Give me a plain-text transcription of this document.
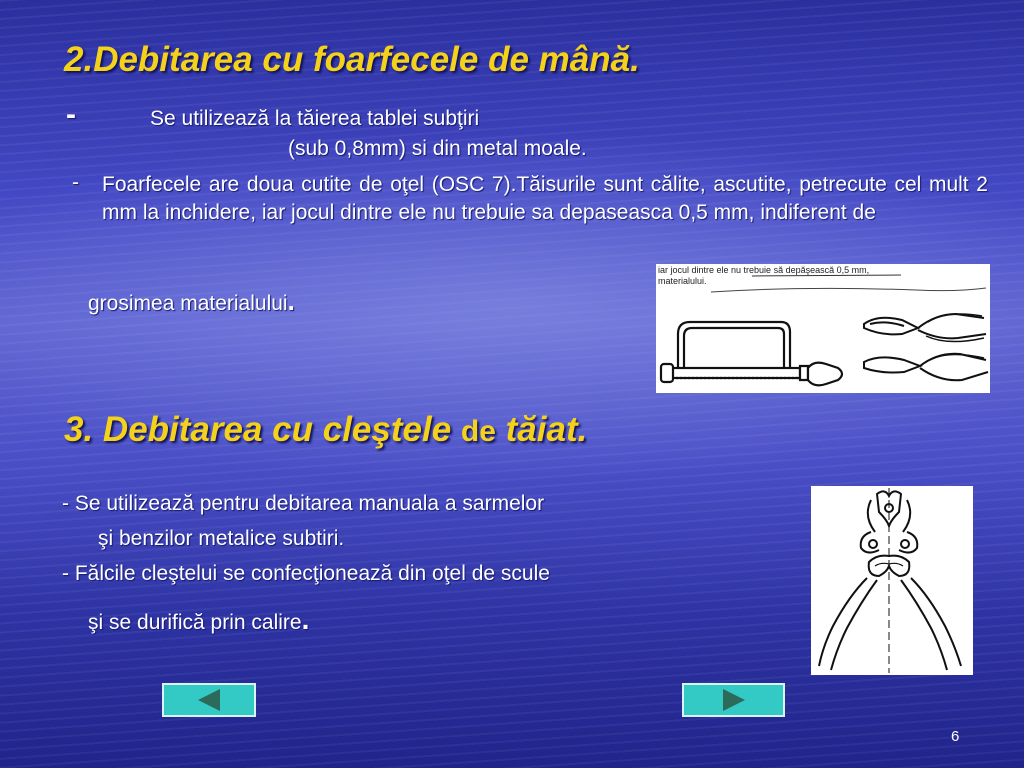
2.Debitarea cu foarfecele de mână.
-	Se utilizează la tăierea tablei subţiri
(sub 0,8mm) si din metal moale.
- Foarfecele are doua cutite de oţel (OSC 7).Tăisurile sunt călite, ascutite, petrecute cel mult 2 mm la inchidere, iar jocul dintre ele nu trebuie sa depaseasca 0,5 mm, indiferent de
grosimea materialului.
iar jocul dintre ele nu trebuie să depăşească 0,5 mm, materialului.
3. Debitarea cu cleştele de tăiat.
- Se utilizează pentru debitarea manuala a sarmelor
şi benzilor metalice subtiri.
- Fălcile cleştelui se confecţionează din oţel de scule
şi se durifică prin calire.
6
